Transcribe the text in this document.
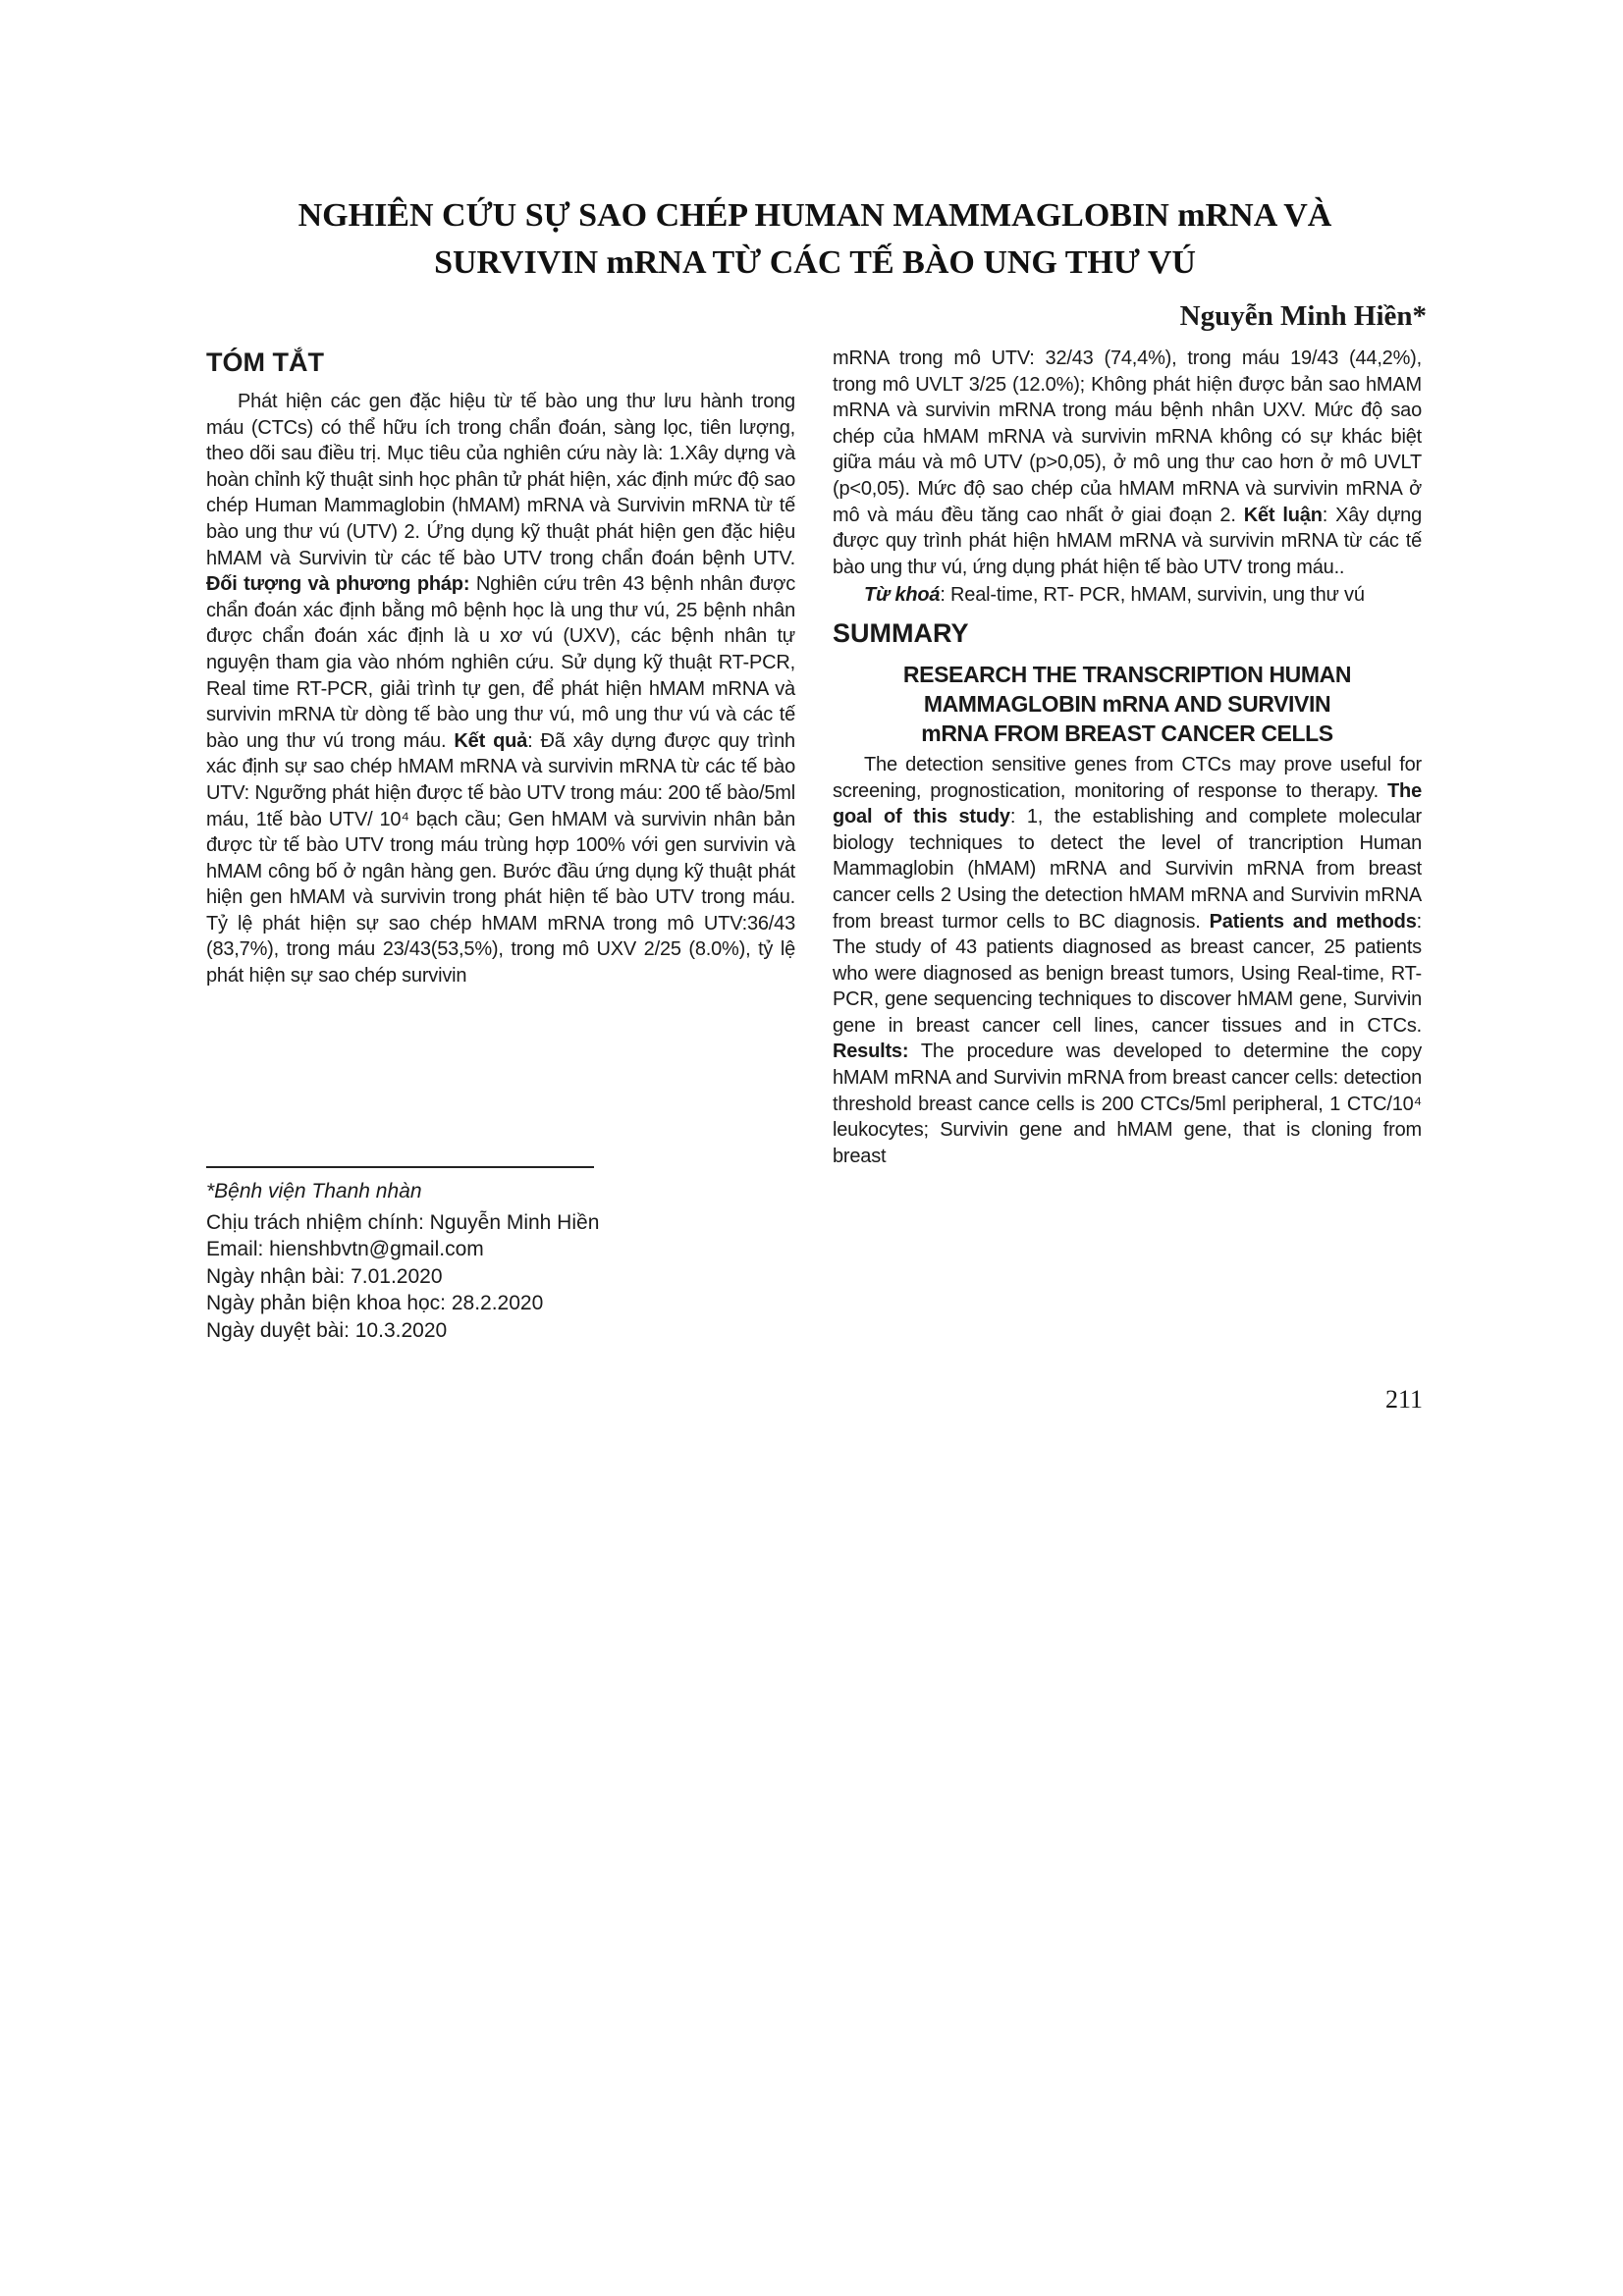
NGHIÊN CỨU SỰ SAO CHÉP HUMAN MAMMAGLOBIN mRNA VÀ
SURVIVIN mRNA TỪ CÁC TẾ BÀO UNG THƯ VÚ

Nguyễn Minh Hiền*

TÓM TẮT

Phát hiện các gen đặc hiệu từ tế bào ung thư lưu hành trong máu (CTCs) có thể hữu ích trong chẩn đoán, sàng lọc, tiên lượng, theo dõi sau điều trị. Mục tiêu của nghiên cứu này là: 1.Xây dựng và hoàn chỉnh kỹ thuật sinh học phân tử phát hiện, xác định mức độ sao chép Human Mammaglobin (hMAM) mRNA và Survivin mRNA từ tế bào ung thư vú (UTV) 2. Ứng dụng kỹ thuật phát hiện gen đặc hiệu hMAM và Survivin từ các tế bào UTV trong chẩn đoán bệnh UTV. Đối tượng và phương pháp: Nghiên cứu trên 43 bệnh nhân được chẩn đoán xác định bằng mô bệnh học là ung thư vú, 25 bệnh nhân được chẩn đoán xác định là u xơ vú (UXV), các bệnh nhân tự nguyện tham gia vào nhóm nghiên cứu. Sử dụng kỹ thuật RT-PCR, Real time RT-PCR, giải trình tự gen, để phát hiện hMAM mRNA và survivin mRNA từ dòng tế bào ung thư vú, mô ung thư vú và các tế bào ung thư vú trong máu. Kết quả: Đã xây dựng được quy trình xác định sự sao chép hMAM mRNA và survivin mRNA từ các tế bào UTV: Ngưỡng phát hiện được tế bào UTV trong máu: 200 tế bào/5ml máu, 1tế bào UTV/ 10⁴ bạch cầu; Gen hMAM và survivin nhân bản được từ tế bào UTV trong máu trùng hợp 100% với gen survivin và hMAM công bố ở ngân hàng gen. Bước đầu ứng dụng kỹ thuật phát hiện gen hMAM và survivin trong phát hiện tế bào UTV trong máu. Tỷ lệ phát hiện sự sao chép hMAM mRNA trong mô UTV:36/43 (83,7%), trong máu 23/43(53,5%), trong mô UXV 2/25 (8.0%), tỷ lệ phát hiện sự sao chép survivin

mRNA trong mô UTV: 32/43 (74,4%), trong máu 19/43 (44,2%), trong mô UVLT 3/25 (12.0%); Không phát hiện được bản sao hMAM mRNA và survivin mRNA trong máu bệnh nhân UXV. Mức độ sao chép của hMAM mRNA và survivin mRNA không có sự khác biệt giữa máu và mô UTV (p>0,05), ở mô ung thư cao hơn ở mô UVLT (p<0,05). Mức độ sao chép của hMAM mRNA và survivin mRNA ở mô và máu đều tăng cao nhất ở giai đoạn 2. Kết luận: Xây dựng được quy trình phát hiện hMAM mRNA và survivin mRNA từ các tế bào ung thư vú, ứng dụng phát hiện tế bào UTV trong máu..

Từ khoá: Real-time, RT- PCR, hMAM, survivin, ung thư vú

SUMMARY
RESEARCH THE TRANSCRIPTION HUMAN
MAMMAGLOBIN mRNA AND SURVIVIN
mRNA FROM BREAST CANCER CELLS

The detection sensitive genes from CTCs may prove useful for screening, prognostication, monitoring of response to therapy. The goal of this study: 1, the establishing and complete molecular biology techniques to detect the level of trancription Human Mammaglobin (hMAM) mRNA and Survivin mRNA from breast cancer cells 2 Using the detection hMAM mRNA and Survivin mRNA from breast turmor cells to BC diagnosis. Patients and methods: The study of 43 patients diagnosed as breast cancer, 25 patients who were diagnosed as benign breast tumors, Using Real-time, RT-PCR, gene sequencing techniques to discover hMAM gene, Survivin gene in breast cancer cell lines, cancer tissues and in CTCs. Results: The procedure was developed to determine the copy hMAM mRNA and Survivin mRNA from breast cancer cells: detection threshold breast cance cells is 200 CTCs/5ml peripheral, 1 CTC/10⁴ leukocytes; Survivin gene and hMAM gene, that is cloning from breast

*Bệnh viện Thanh nhàn
Chịu trách nhiệm chính: Nguyễn Minh Hiền
Email: hienshbvtn@gmail.com
Ngày nhận bài: 7.01.2020
Ngày phản biện khoa học: 28.2.2020
Ngày duyệt bài: 10.3.2020
211
